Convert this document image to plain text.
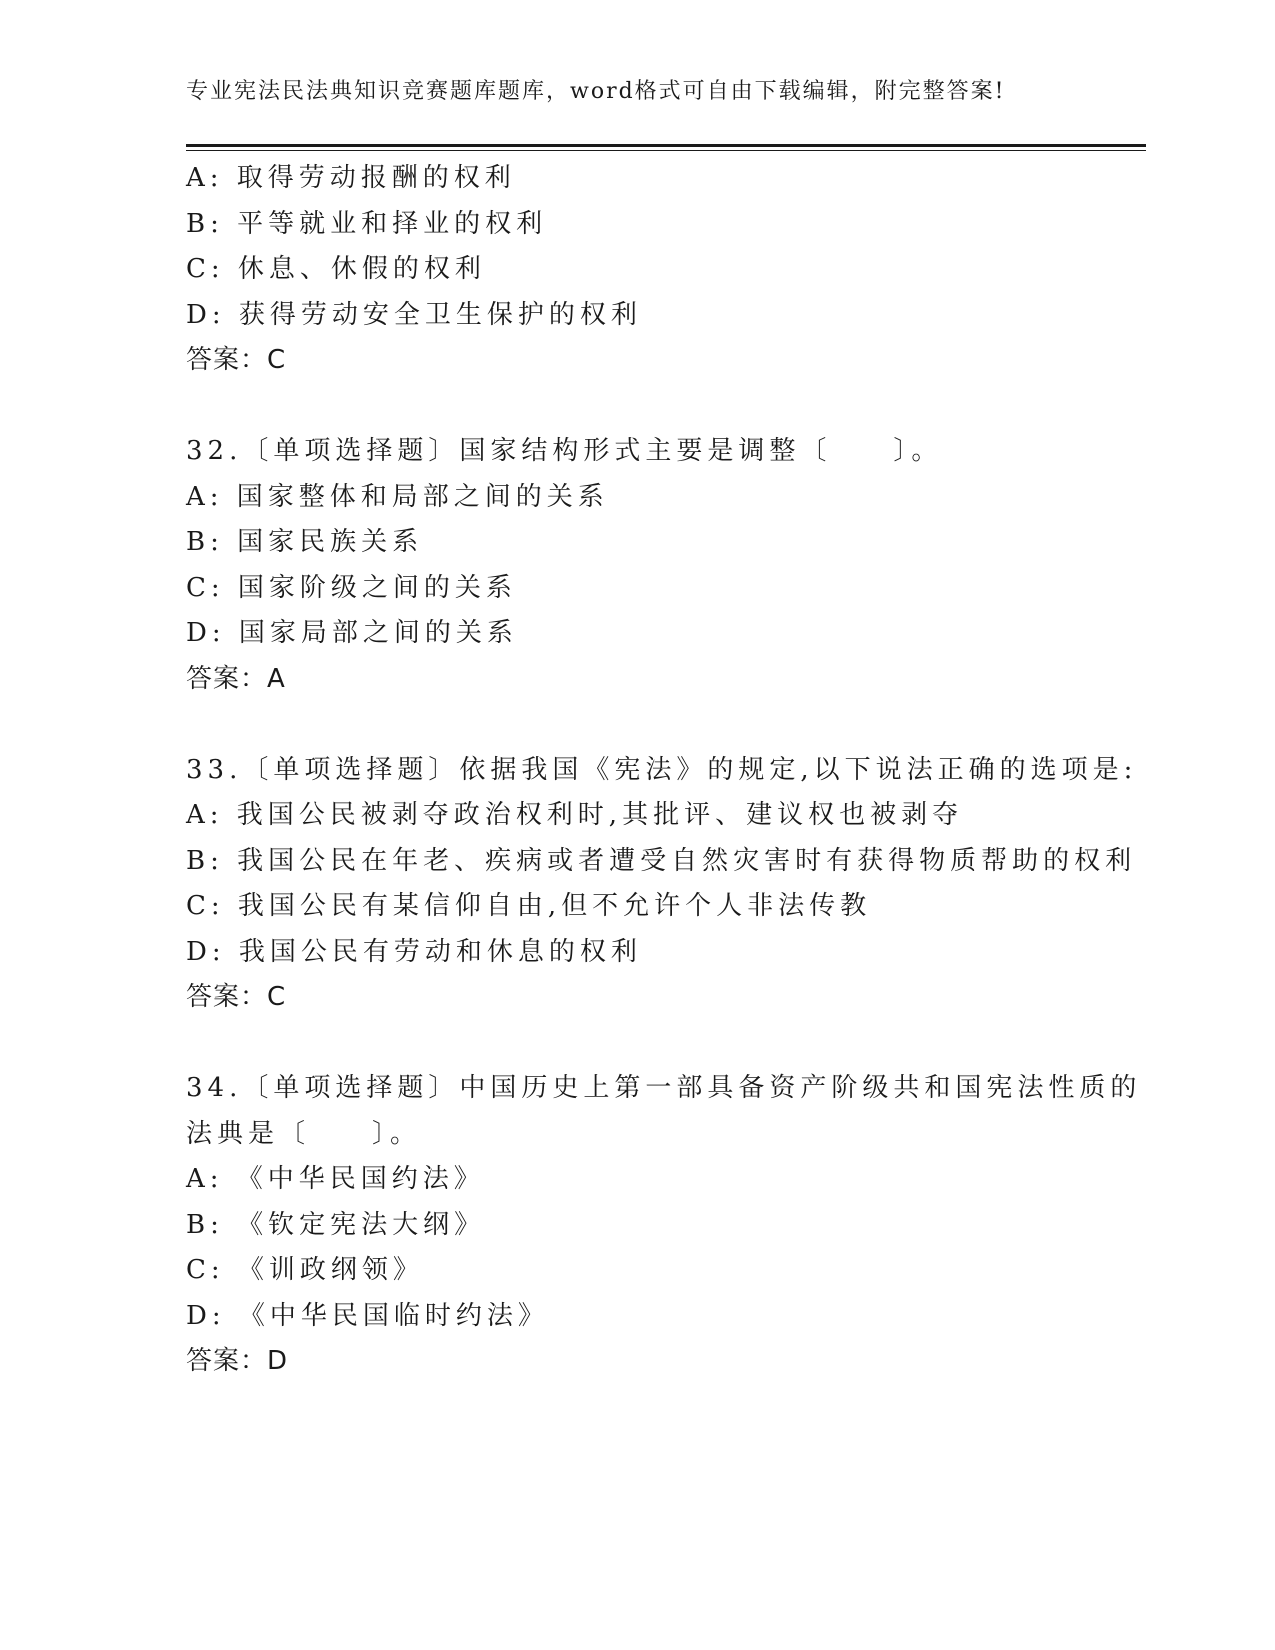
专业宪法民法典知识竞赛题库题库，word格式可自由下载编辑，附完整答案!
A: 取得劳动报酬的权利
B: 平等就业和择业的权利
C: 休息、休假的权利
D: 获得劳动安全卫生保护的权利
答案：C
32.〔单项选择题〕国家结构形式主要是调整〔　　〕。
A: 国家整体和局部之间的关系
B: 国家民族关系
C: 国家阶级之间的关系
D: 国家局部之间的关系
答案：A
33.〔单项选择题〕依据我国《宪法》的规定,以下说法正确的选项是:
A: 我国公民被剥夺政治权利时,其批评、建议权也被剥夺
B: 我国公民在年老、疾病或者遭受自然灾害时有获得物质帮助的权利
C: 我国公民有某信仰自由,但不允许个人非法传教
D: 我国公民有劳动和休息的权利
答案：C
34.〔单项选择题〕中国历史上第一部具备资产阶级共和国宪法性质的
法典是〔　　〕。
A: 《中华民国约法》
B: 《钦定宪法大纲》
C: 《训政纲领》
D: 《中华民国临时约法》
答案：D
